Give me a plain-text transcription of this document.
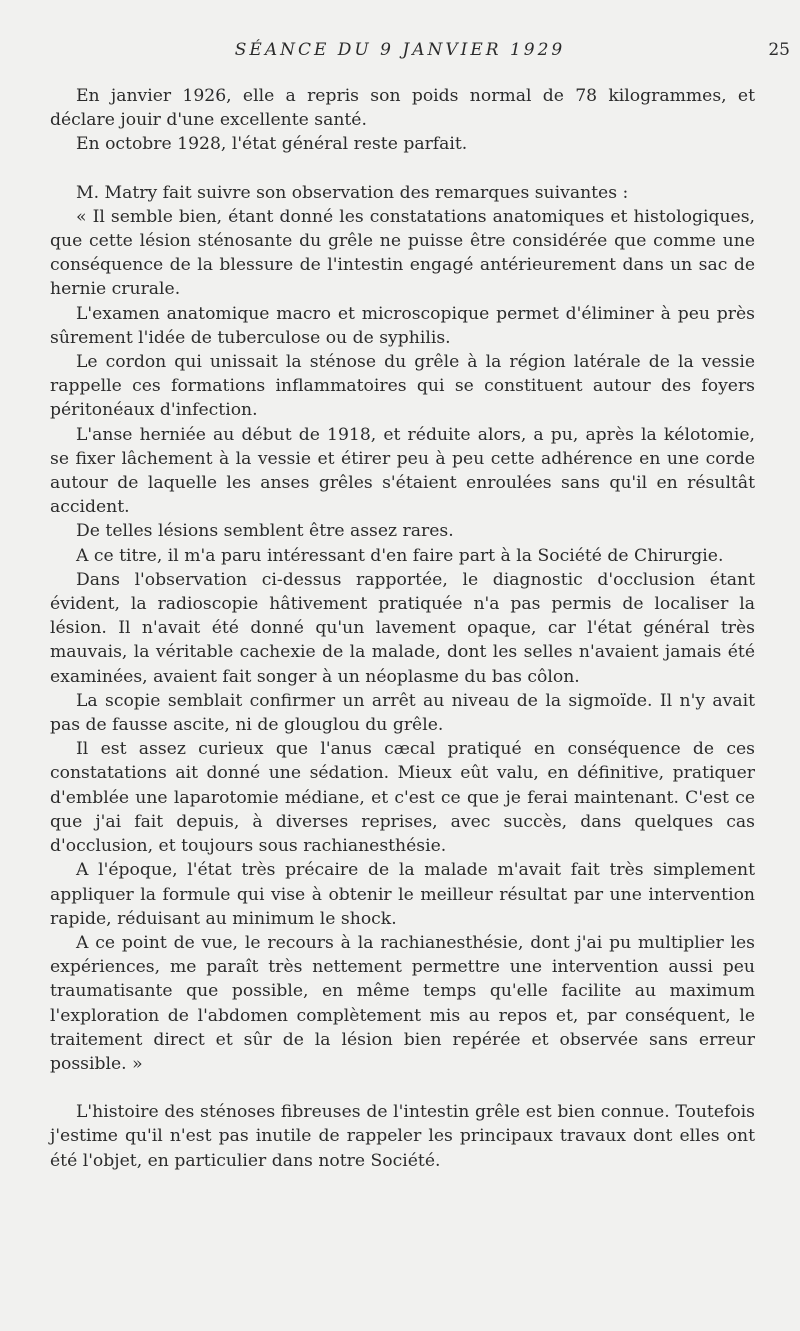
SÉANCE DU 9 JANVIER 1929	25

En janvier 1926, elle a repris son poids normal de 78 kilogrammes, et déclare jouir d'une excellente santé.

En octobre 1928, l'état général reste parfait.

M. Matry fait suivre son observation des remarques suivantes :

« Il semble bien, étant donné les constatations anatomiques et histologiques, que cette lésion sténosante du grêle ne puisse être considérée que comme une conséquence de la blessure de l'intestin engagé antérieurement dans un sac de hernie crurale.

L'examen anatomique macro et microscopique permet d'éliminer à peu près sûrement l'idée de tuberculose ou de syphilis.

Le cordon qui unissait la sténose du grêle à la région latérale de la vessie rappelle ces formations inflammatoires qui se constituent autour des foyers péritonéaux d'infection.

L'anse herniée au début de 1918, et réduite alors, a pu, après la kélotomie, se fixer lâchement à la vessie et étirer peu à peu cette adhérence en une corde autour de laquelle les anses grêles s'étaient enroulées sans qu'il en résultât accident.

De telles lésions semblent être assez rares.

A ce titre, il m'a paru intéressant d'en faire part à la Société de Chirurgie.

Dans l'observation ci-dessus rapportée, le diagnostic d'occlusion étant évident, la radioscopie hâtivement pratiquée n'a pas permis de localiser la lésion. Il n'avait été donné qu'un lavement opaque, car l'état général très mauvais, la véritable cachexie de la malade, dont les selles n'avaient jamais été examinées, avaient fait songer à un néoplasme du bas côlon.

La scopie semblait confirmer un arrêt au niveau de la sigmoïde. Il n'y avait pas de fausse ascite, ni de glouglou du grêle.

Il est assez curieux que l'anus cæcal pratiqué en conséquence de ces constatations ait donné une sédation. Mieux eût valu, en définitive, pratiquer d'emblée une laparotomie médiane, et c'est ce que je ferai maintenant. C'est ce que j'ai fait depuis, à diverses reprises, avec succès, dans quelques cas d'occlusion, et toujours sous rachianesthésie.

A l'époque, l'état très précaire de la malade m'avait fait très simplement appliquer la formule qui vise à obtenir le meilleur résultat par une intervention rapide, réduisant au minimum le shock.

A ce point de vue, le recours à la rachianesthésie, dont j'ai pu multiplier les expériences, me paraît très nettement permettre une intervention aussi peu traumatisante que possible, en même temps qu'elle facilite au maximum l'exploration de l'abdomen complètement mis au repos et, par conséquent, le traitement direct et sûr de la lésion bien repérée et observée sans erreur possible. »

L'histoire des sténoses fibreuses de l'intestin grêle est bien connue. Toutefois j'estime qu'il n'est pas inutile de rappeler les principaux travaux dont elles ont été l'objet, en particulier dans notre Société.
